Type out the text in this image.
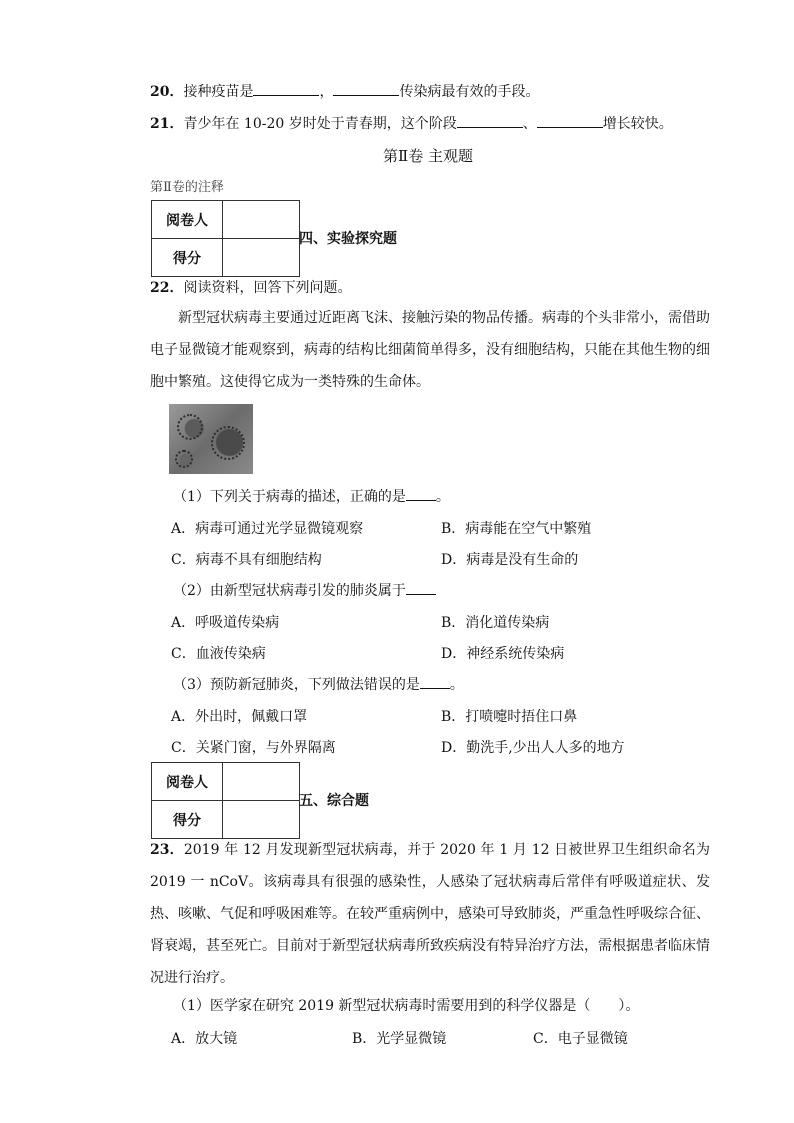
20．接种疫苗是	，	传染病最有效的手段。
21．青少年在 10-20 岁时处于青春期，这个阶段	、	增长较快。
第Ⅱ卷 主观题
第Ⅱ卷的注释
阅卷人	
得分	
四、实验探究题
22．阅读资料，回答下列问题。
新型冠状病毒主要通过近距离飞沫、接触污染的物品传播。病毒的个头非常小，需借助电子显微镜才能观察到，病毒的结构比细菌简单得多，没有细胞结构，只能在其他生物的细胞中繁殖。这使得它成为一类特殊的生命体。
（1）下列关于病毒的描述，正确的是 。
A．病毒可通过光学显微镜观察	B．病毒能在空气中繁殖
C．病毒不具有细胞结构	D．病毒是没有生命的
（2）由新型冠状病毒引发的肺炎属于
A．呼吸道传染病	B．消化道传染病
C．血液传染病	D．神经系统传染病
（3）预防新冠肺炎，下列做法错误的是 。
A．外出时，佩戴口罩	B．打喷嚏时捂住口鼻
C．关紧门窗，与外界隔离	D．勤洗手,少出人人多的地方
阅卷人	
得分	
五、综合题
23．2019 年 12 月发现新型冠状病毒，并于 2020 年 1 月 12 日被世界卫生组织命名为 2019 一 nCoV。该病毒具有很强的感染性，人感染了冠状病毒后常伴有呼吸道症状、发热、咳嗽、气促和呼吸困难等。在较严重病例中，感染可导致肺炎，严重急性呼吸综合征、肾衰竭，甚至死亡。目前对于新型冠状病毒所致疾病没有特异治疗方法，需根据患者临床情况进行治疗。
（1）医学家在研究 2019 新型冠状病毒时需要用到的科学仪器是（　　）。
A．放大镜	B．光学显微镜	C．电子显微镜
